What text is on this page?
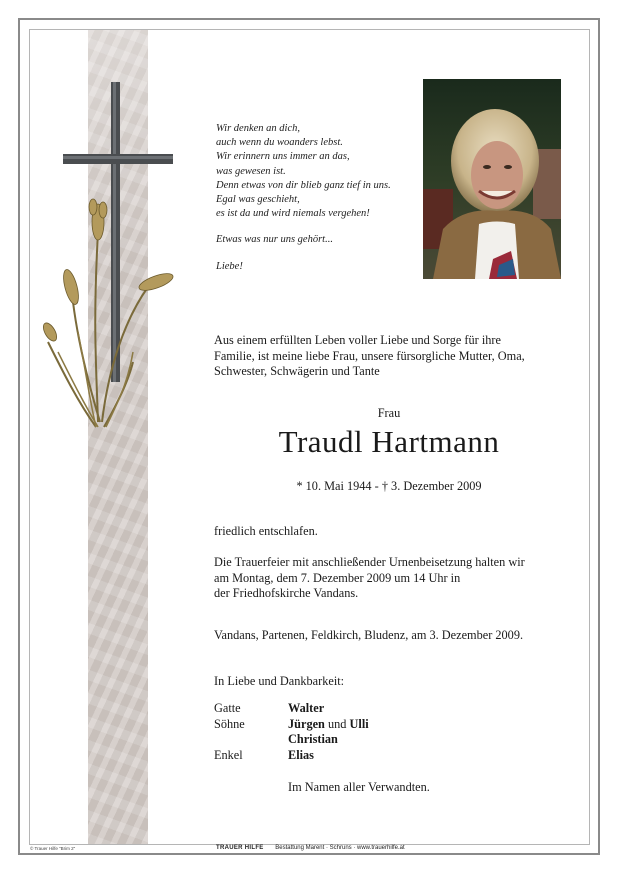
Wir denken an dich,
auch wenn du woanders lebst.
Wir erinnern uns immer an das,
was gewesen ist.
Denn etwas von dir blieb ganz tief in uns.
Egal was geschieht,
es ist da und wird niemals vergehen!
Etwas was nur uns gehört...
Liebe!
Aus einem erfüllten Leben voller Liebe und Sorge für ihre
Familie, ist meine liebe Frau, unsere fürsorgliche Mutter, Oma,
Schwester, Schwägerin und Tante
Frau
Traudl Hartmann
* 10. Mai 1944 - † 3. Dezember 2009
friedlich entschlafen.
Die Trauerfeier mit anschließender Urnenbeisetzung halten wir
am Montag, dem 7. Dezember 2009 um 14 Uhr in
der Friedhofskirche Vandans.
Vandans, Partenen, Feldkirch, Bludenz, am 3. Dezember 2009.
In Liebe und Dankbarkeit:
Gatte	Walter
Söhne	Jürgen und Ulli
Christian
Enkel	Elias
Im Namen aller Verwandten.
© Trauer Hilfe "Brim 2"	TRAUER HILFE Bestattung Marent · Schruns · www.trauerhilfe.at
